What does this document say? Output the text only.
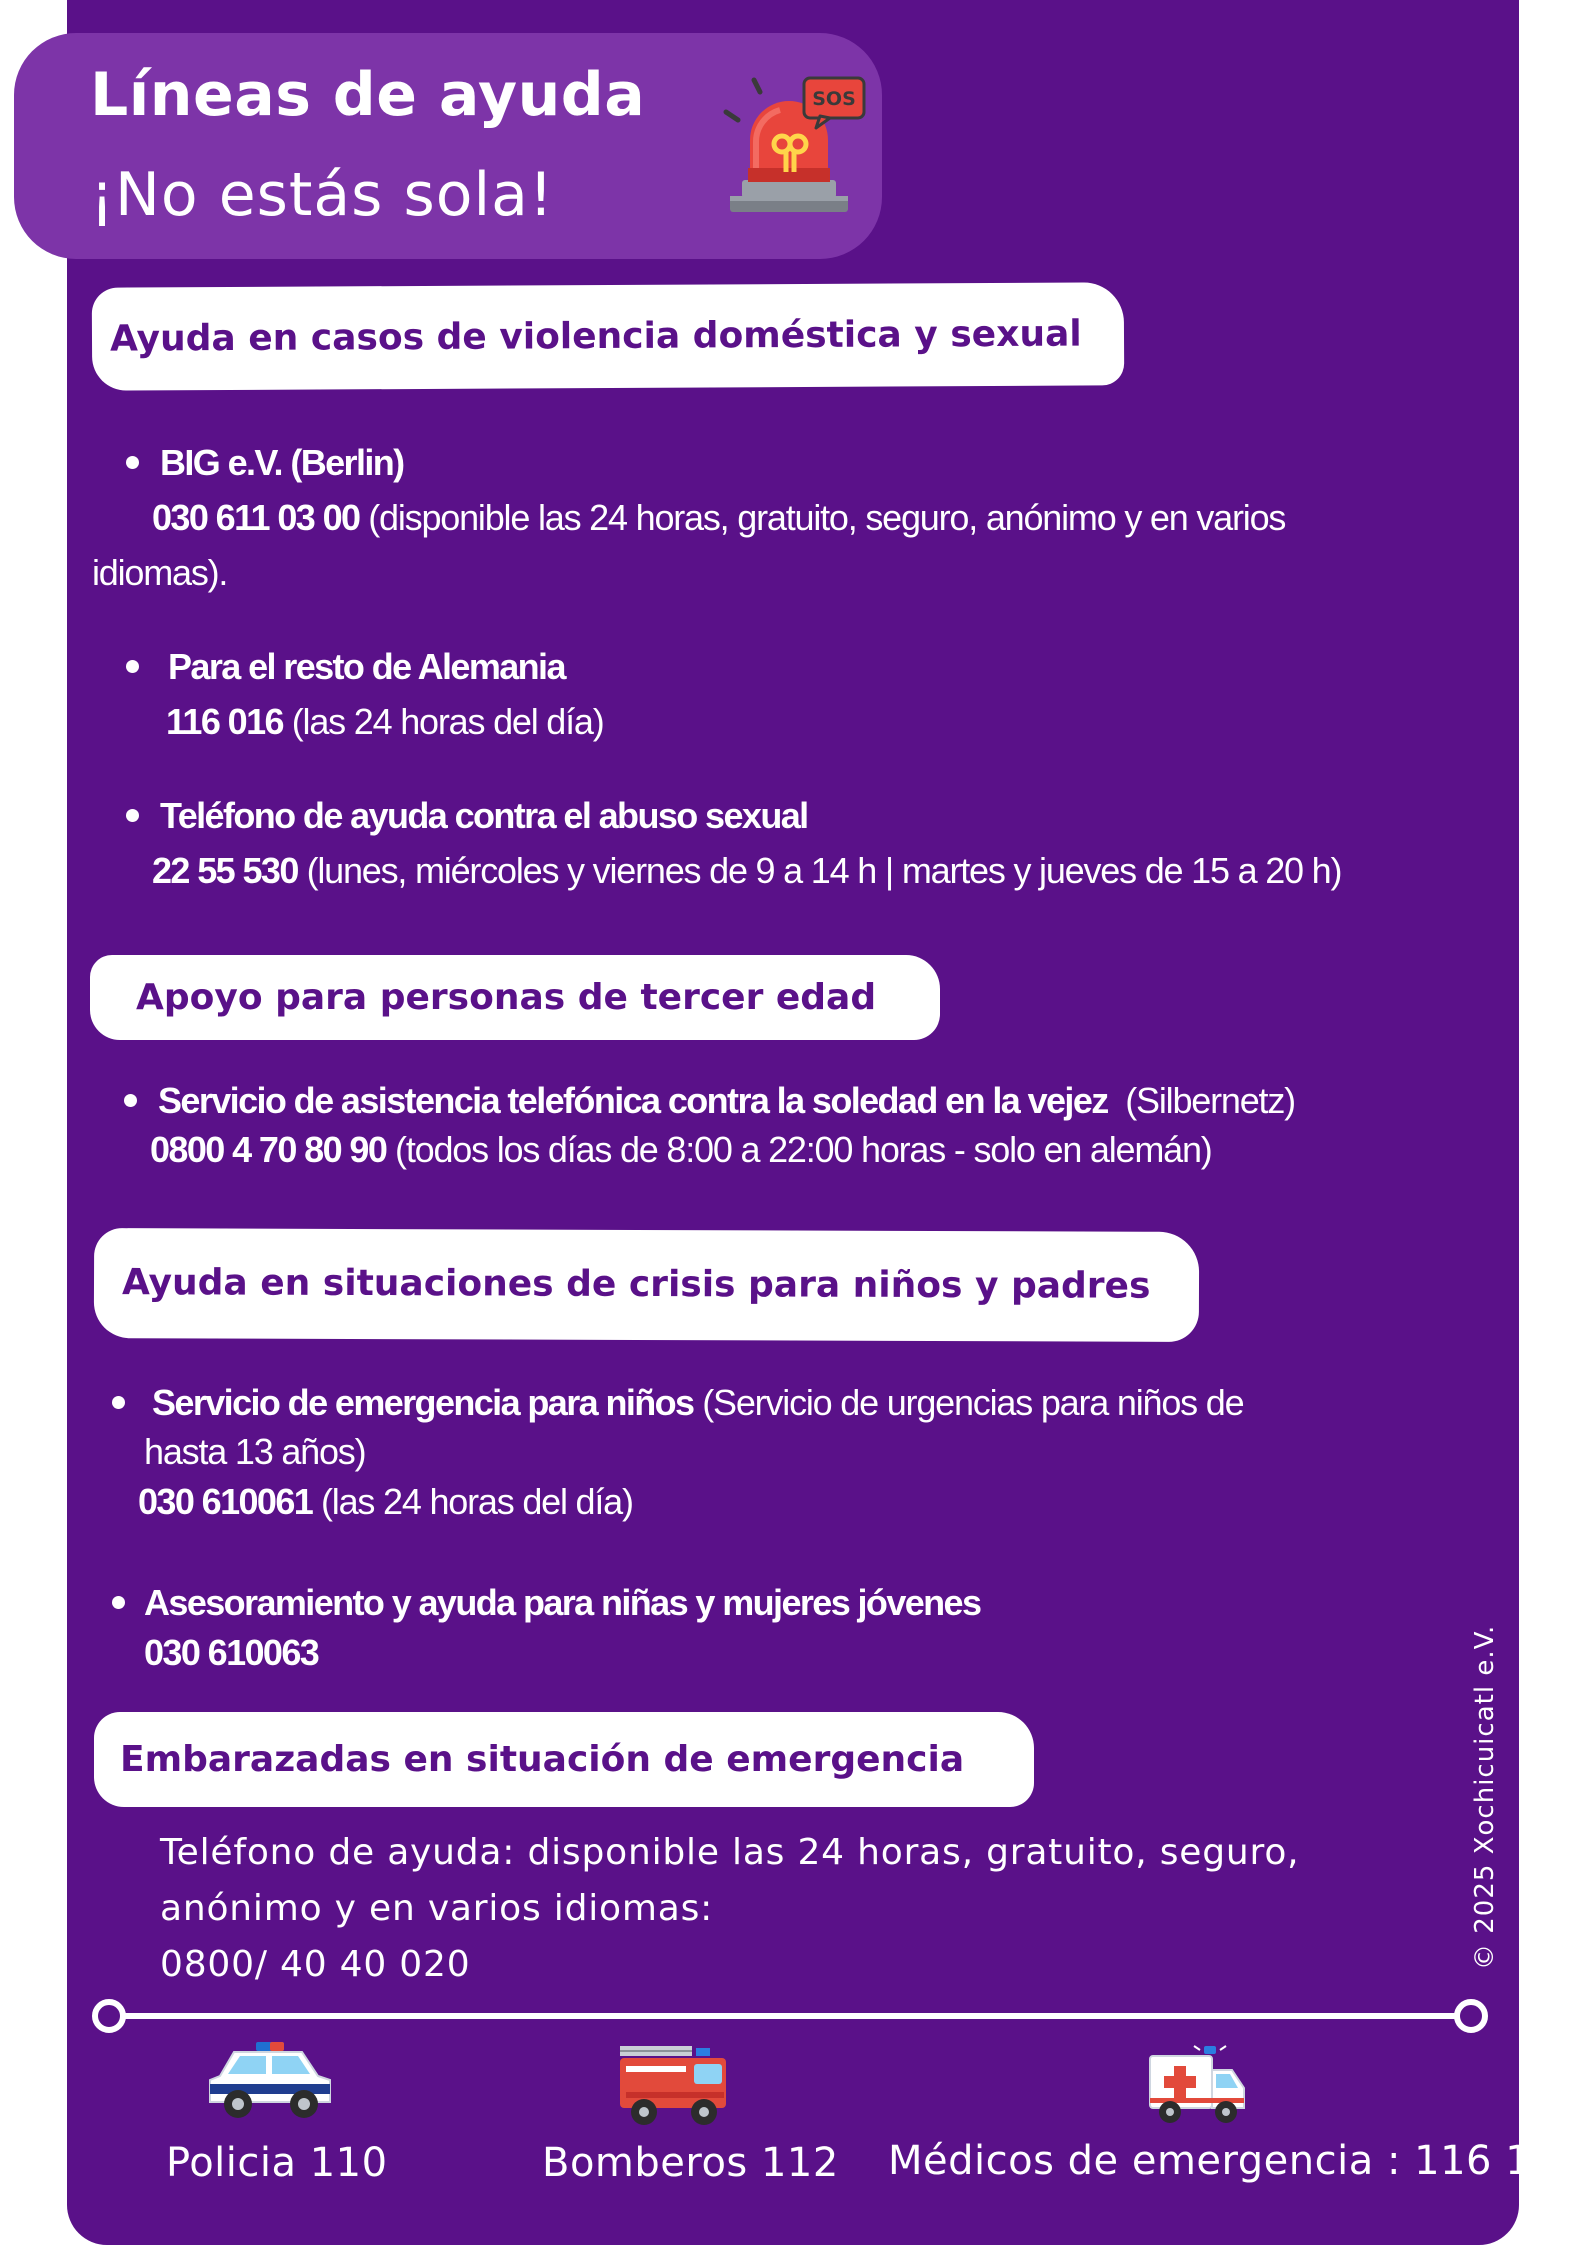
Líneas de ayuda
¡No estás sola!
SOS
Ayuda en casos de violencia doméstica y sexual
BIG e.V. (Berlin)
030 611 03 00 (disponible las 24 horas, gratuito, seguro, anónimo y en varios
idiomas).
Para el resto de Alemania
116 016 (las 24 horas del día)
Teléfono de ayuda contra el abuso sexual
22 55 530 (lunes, miércoles y viernes de 9 a 14 h | martes y jueves de 15 a 20 h)
Apoyo para personas de tercer edad
Servicio de asistencia telefónica contra la soledad en la vejez  (Silbernetz)
0800 4 70 80 90 (todos los días de 8:00 a 22:00 horas - solo en alemán)
Ayuda en situaciones de crisis para niños y padres
Servicio de emergencia para niños (Servicio de urgencias para niños de
hasta 13 años)
030 610061 (las 24 horas del día)
Asesoramiento y ayuda para niñas y mujeres jóvenes
030 610063
Embarazadas en situación de emergencia
Teléfono de ayuda: disponible las 24 horas, gratuito, seguro,
anónimo y en varios idiomas:
0800/ 40 40 020	© 2025 Xochicuicatl e.V.
Policia 110	Bomberos 112 Médicos de emergencia : 116 117
